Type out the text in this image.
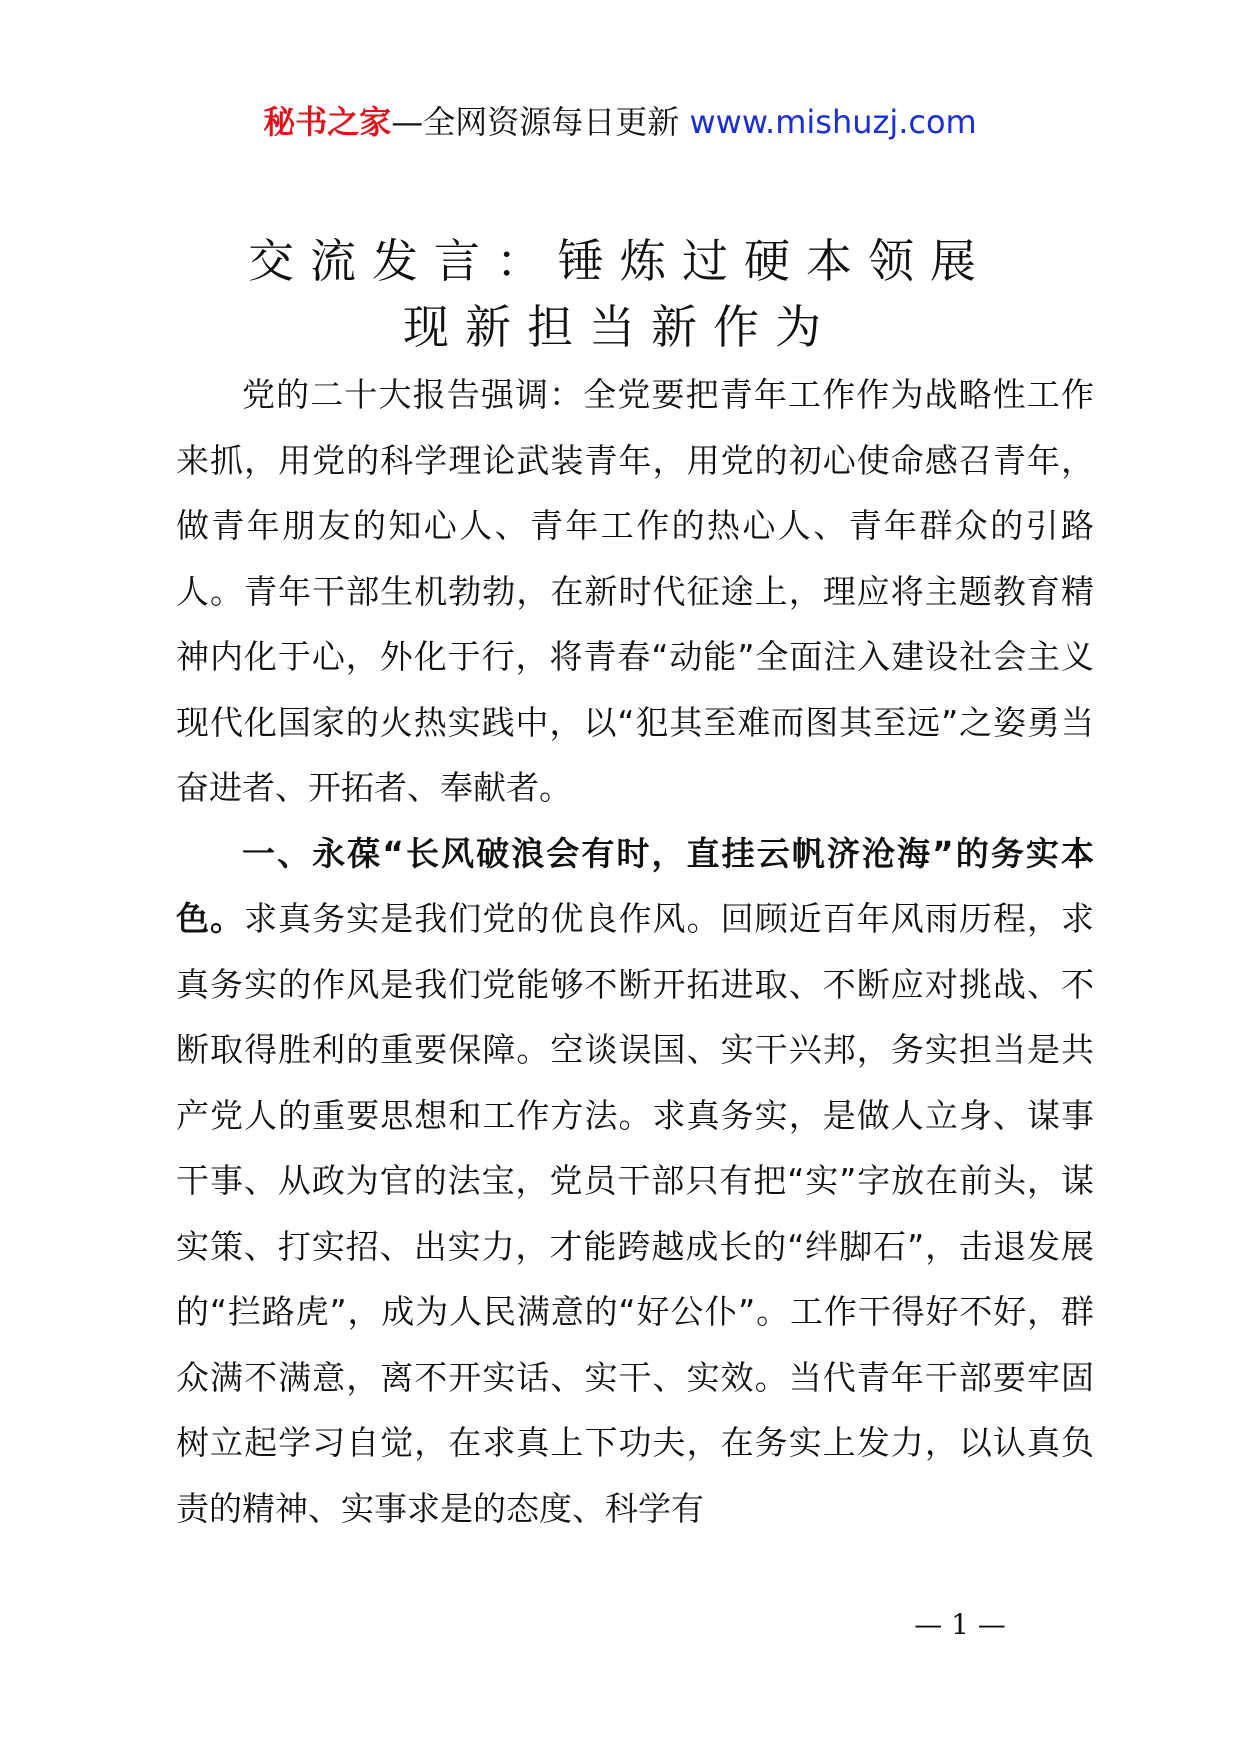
秘书之家—全网资源每日更新 www.mishuzj.com
交流发言：锤炼过硬本领展
现新担当新作为

党的二十大报告强调：全党要把青年工作作为战略性工作来抓，用党的科学理论武装青年，用党的初心使命感召青年，做青年朋友的知心人、青年工作的热心人、青年群众的引路人。青年干部生机勃勃，在新时代征途上，理应将主题教育精神内化于心，外化于行，将青春“动能”全面注入建设社会主义现代化国家的火热实践中，以“犯其至难而图其至远”之姿勇当奋进者、开拓者、奉献者。

一、永葆“长风破浪会有时，直挂云帆济沧海”的务实本色。求真务实是我们党的优良作风。回顾近百年风雨历程，求真务实的作风是我们党能够不断开拓进取、不断应对挑战、不断取得胜利的重要保障。空谈误国、实干兴邦，务实担当是共产党人的重要思想和工作方法。求真务实，是做人立身、谋事干事、从政为官的法宝，党员干部只有把“实”字放在前头，谋实策、打实招、出实力，才能跨越成长的“绊脚石”，击退发展的“拦路虎”，成为人民满意的“好公仆”。工作干得好不好，群众满不满意，离不开实话、实干、实效。当代青年干部要牢固树立起学习自觉，在求真上下功夫，在务实上发力，以认真负责的精神、实事求是的态度、科学有

— 1 —
